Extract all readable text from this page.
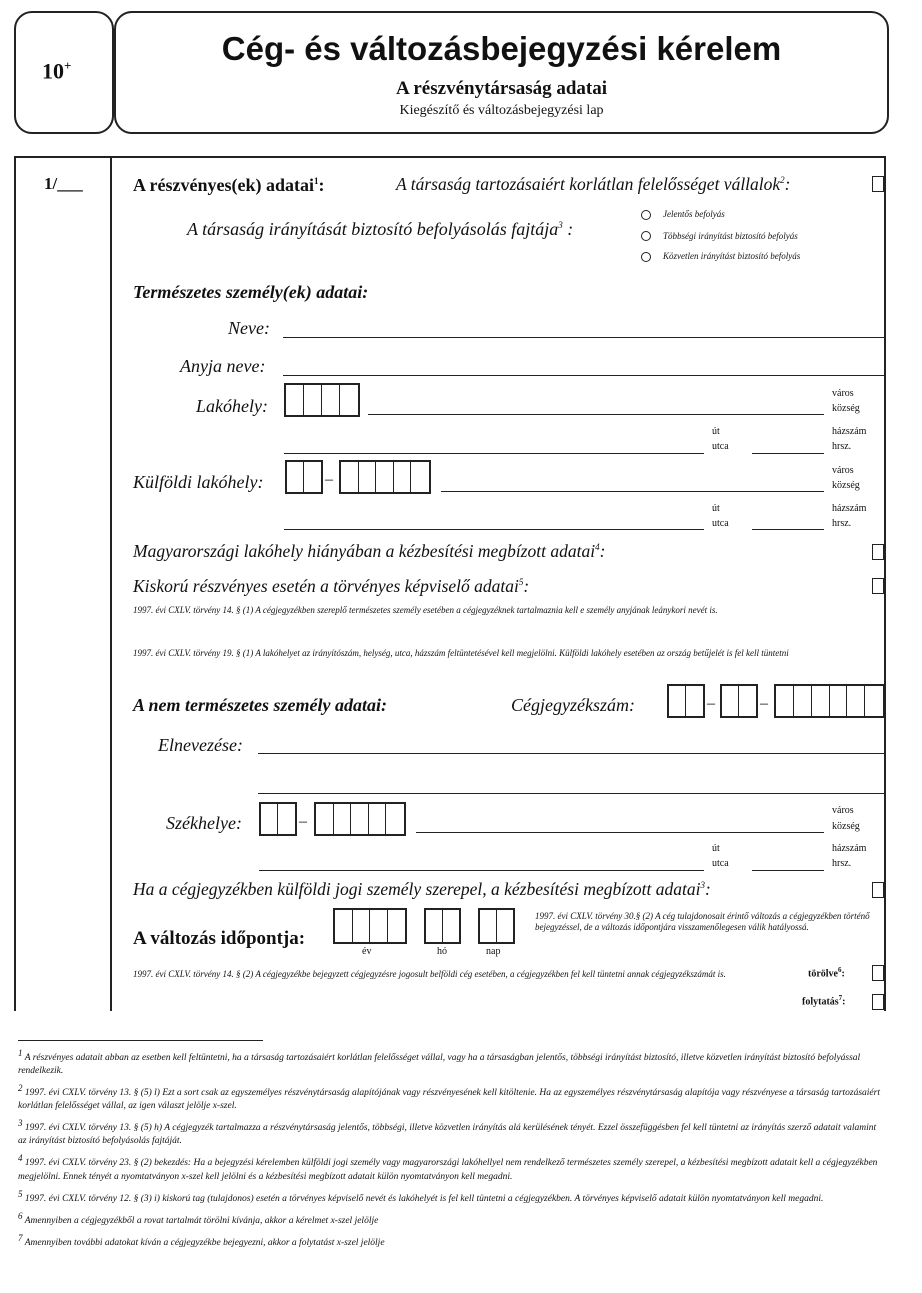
10+	Cég- és változásbejegyzési kérelem
A részvénytársaság adatai
Kiegészítő és változásbejegyzési lap
1/___	A részvényes(ek) adatai$^1$:	A társaság tartozásaiért korlátlan felelősséget vállalok$^2$:
A társaság irányítását biztosító befolyásolás fajtája$^3$ :
Jelentős befolyás
Többségi irányítást biztosító befolyás
Közvetlen irányítást biztosító befolyás
Természetes személy(ek) adatai:
Neve:
Anyja neve:
Lakóhely:
város
község
út
utca
házszám
hrsz.
Külföldi lakóhely:	–
város
község
út
utca
házszám
hrsz.
Magyarországi lakóhely hiányában a kézbesítési megbízott adatai$^4$:
Kiskorú részvényes esetén a törvényes képviselő adatai$^5$:
1997. évi CXLV. törvény 14. § (1) A cégjegyzékben szereplő természetes személy esetében a cégjegyzéknek tartalmaznia kell e személy anyjának leánykori nevét is.
1997. évi CXLV. törvény 19. § (1) A lakóhelyet az irányítószám, helység, utca, házszám feltüntetésével kell megjelölni. Külföldi lakóhely esetében az ország betűjelét is fel kell tüntetni
A nem természetes személy adatai:	Cégjegyzékszám:	–	–
Elnevezése:
Székhelye:	–
város
község
út
utca
házszám
hrsz.
Ha a cégjegyzékben külföldi jogi személy szerepel, a kézbesítési megbízott adatai$^3$:
A változás időpontja:
év	hó	nap
1997. évi CXLV. törvény 30.§ (2) A cég tulajdonosait érintő változás a cégjegyzékben történő bejegyzéssel, de a változás időpontjára visszamenőlegesen válik hatályossá.
1997. évi CXLV. törvény 14. § (2) A cégjegyzékbe bejegyzett cégjegyzésre jogosult belföldi cég esetében, a cégjegyzékben fel kell tüntetni annak cégjegyzékszámát is.	törölve$^6$:
folytatás$^7$:
$^1$ A részvényes adatait abban az esetben kell feltüntetni, ha a társaság tartozásaiért korlátlan felelősséget vállal, vagy ha a társaságban jelentős, többségi irányítást biztosító, illetve közvetlen irányítást biztosító befolyással rendelkezik.
$^2$ 1997. évi CXLV. törvény 13. § (5) l) Ezt a sort csak az egyszemélyes részvénytársaság alapítójának vagy részvényesének kell kitöltenie. Ha az egyszemélyes részvénytársaság alapítója vagy részvényese a társaság tartozásaiért korlátlan felelősséget vállal, az igen választ jelölje x-szel.
$^3$ 1997. évi CXLV. törvény 13. § (5) h) A cégjegyzék tartalmazza a részvénytársaság jelentős, többségi, illetve közvetlen irányítás alá kerülésének tényét. Ezzel összefüggésben fel kell tüntetni az irányítás szerző adatait valamint az irányítást biztosító befolyásolás fajtáját.
$^4$ 1997. évi CXLV. törvény 23. § (2) bekezdés: Ha a bejegyzési kérelemben külföldi jogi személy vagy magyarországi lakóhellyel nem rendelkező természetes személy szerepel, a kézbesítési megbízott adatait kell a cégjegyzékben megjelölni. Ennek tényét a nyomtatványon x-szel kell jelölni és a kézbesítési megbízott adatait külön nyomtatványon kell megadni.
$^5$ 1997. évi CXLV. törvény 12. § (3) i) kiskorú tag (tulajdonos) esetén a törvényes képviselő nevét és lakóhelyét is fel kell tüntetni a cégjegyzékben. A törvényes képviselő adatait külön nyomtatványon kell megadni.
$^6$ Amennyiben a cégjegyzékből a rovat tartalmát törölni kívánja, akkor a kérelmet x-szel jelölje
$^7$ Amennyiben további adatokat kíván a cégjegyzékbe bejegyezni, akkor a folytatást x-szel jelölje
